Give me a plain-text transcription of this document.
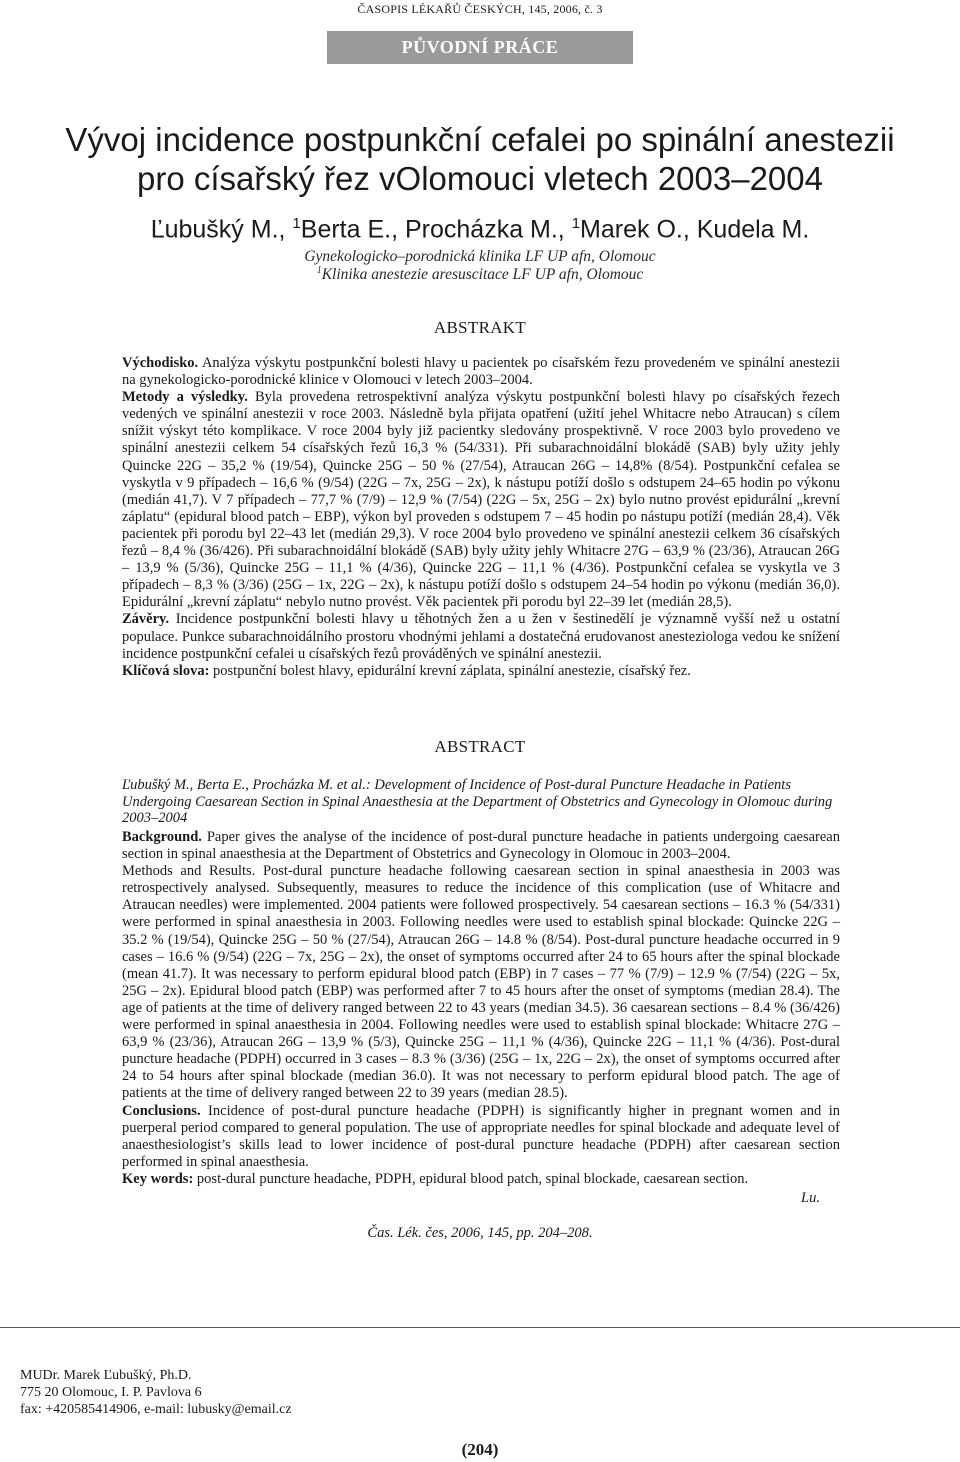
ČASOPIS LÉKAŘŮ ČESKÝCH, 145, 2006, č. 3
PŮVODNÍ PRÁCE
Vývoj incidence postpunkční cefalei po spinální anestezii
pro císařský řez vOlomouci vletech 2003–2004
Ľubušký M., $^1$Berta E., Procházka M., $^1$Marek O., Kudela M.
Gynekologicko–porodnická klinika LF UP afn, Olomouc
$^1$Klinika anestezie aresuscitace LF UP afn, Olomouc
ABSTRAKT

Východisko. Analýza výskytu postpunkční bolesti hlavy u pacientek po císařském řezu provedeném ve spinální anestezii na gynekologicko-porodnické klinice v Olomouci v letech 2003–2004.

Metody a výsledky. Byla provedena retrospektivní analýza výskytu postpunkční bolesti hlavy po císařských řezech vedených ve spinální anestezii v roce 2003. Následně byla přijata opatření (užití jehel Whitacre nebo Atraucan) s cílem snížit výskyt této komplikace. V roce 2004 byly již pacientky sledovány prospektivně. V roce 2003 bylo provedeno ve spinální anestezii celkem 54 císařských řezů 16,3 % (54/331). Při subarachnoidální blokádě (SAB) byly užity jehly Quincke 22G – 35,2 % (19/54), Quincke 25G – 50 % (27/54), Atraucan 26G – 14,8% (8/54). Postpunkční cefalea se vyskytla v 9 případech – 16,6 % (9/54) (22G – 7x, 25G – 2x), k nástupu potíží došlo s odstupem 24–65 hodin po výkonu (medián 41,7). V 7 případech – 77,7 % (7/9) – 12,9 % (7/54) (22G – 5x, 25G – 2x) bylo nutno provést epidurální „krevní záplatu“ (epidural blood patch – EBP), výkon byl proveden s odstupem 7 – 45 hodin po nástupu potíží (medián 28,4). Věk pacientek při porodu byl 22–43 let (medián 29,3). V roce 2004 bylo provedeno ve spinální anestezii celkem 36 císařských řezů – 8,4 % (36/426). Při subarachnoidální blokádě (SAB) byly užity jehly Whitacre 27G – 63,9 % (23/36), Atraucan 26G – 13,9 % (5/36), Quincke 25G – 11,1 % (4/36), Quincke 22G – 11,1 % (4/36). Postpunkční cefalea se vyskytla ve 3 případech – 8,3 % (3/36) (25G – 1x, 22G – 2x), k nástupu potíží došlo s odstupem 24–54 hodin po výkonu (medián 36,0). Epidurální „krevní záplatu“ nebylo nutno provést. Věk pacientek při porodu byl 22–39 let (medián 28,5).

Závěry. Incidence postpunkční bolesti hlavy u těhotných žen a u žen v šestinedělí je významně vyšší než u ostatní populace. Punkce subarachnoidálního prostoru vhodnými jehlami a dostatečná erudovanost anesteziologa vedou ke snížení incidence postpunkční cefalei u císařských řezů prováděných ve spinální anestezii.

Klíčová slova: postpunční bolest hlavy, epidurální krevní záplata, spinální anestezie, císařský řez.

ABSTRACT
Ľubušký M., Berta E., Procházka M. et al.: Development of Incidence of Post-dural Puncture Headache in Patients Undergoing Caesarean Section in Spinal Anaesthesia at the Department of Obstetrics and Gynecology in Olomouc during 2003–2004

Background. Paper gives the analyse of the incidence of post-dural puncture headache in patients undergoing caesarean section in spinal anaesthesia at the Department of Obstetrics and Gynecology in Olomouc in 2003–2004.

Methods and Results. Post-dural puncture headache following caesarean section in spinal anaesthesia in 2003 was retrospectively analysed. Subsequently, measures to reduce the incidence of this complication (use of Whitacre and Atraucan needles) were implemented. 2004 patients were followed prospectively. 54 caesarean sections – 16.3 % (54/331) were performed in spinal anaesthesia in 2003. Following needles were used to establish spinal blockade: Quincke 22G – 35.2 % (19/54), Quincke 25G – 50 % (27/54), Atraucan 26G – 14.8 % (8/54). Post-dural puncture headache occurred in 9 cases – 16.6 % (9/54) (22G – 7x, 25G – 2x), the onset of symptoms occurred after 24 to 65 hours after the spinal blockade (mean 41.7). It was necessary to perform epidural blood patch (EBP) in 7 cases – 77 % (7/9) – 12.9 % (7/54) (22G – 5x, 25G – 2x). Epidural blood patch (EBP) was performed after 7 to 45 hours after the onset of symptoms (median 28.4). The age of patients at the time of delivery ranged between 22 to 43 years (median 34.5). 36 caesarean sections – 8.4 % (36/426) were performed in spinal anaesthesia in 2004. Following needles were used to establish spinal blockade: Whitacre 27G – 63,9 % (23/36), Atraucan 26G – 13,9 % (5/3), Quincke 25G – 11,1 % (4/36), Quincke 22G – 11,1 % (4/36). Post-dural puncture headache (PDPH) occurred in 3 cases – 8.3 % (3/36) (25G – 1x, 22G – 2x), the onset of symptoms occurred after 24 to 54 hours after spinal blockade (median 36.0). It was not necessary to perform epidural blood patch. The age of patients at the time of delivery ranged between 22 to 39 years (median 28.5).

Conclusions. Incidence of post-dural puncture headache (PDPH) is significantly higher in pregnant women and in puerperal period compared to general population. The use of appropriate needles for spinal blockade and adequate level of anaesthesiologist’s skills lead to lower incidence of post-dural puncture headache (PDPH) after caesarean section performed in spinal anaesthesia.

Key words: post-dural puncture headache, PDPH, epidural blood patch, spinal blockade, caesarean section.

Lu.
Čas. Lék. čes, 2006, 145, pp. 204–208.
MUDr. Marek Ľubušký, Ph.D.
775 20 Olomouc, I. P. Pavlova 6
fax: +420585414906, e-mail: lubusky@email.cz
(204)
